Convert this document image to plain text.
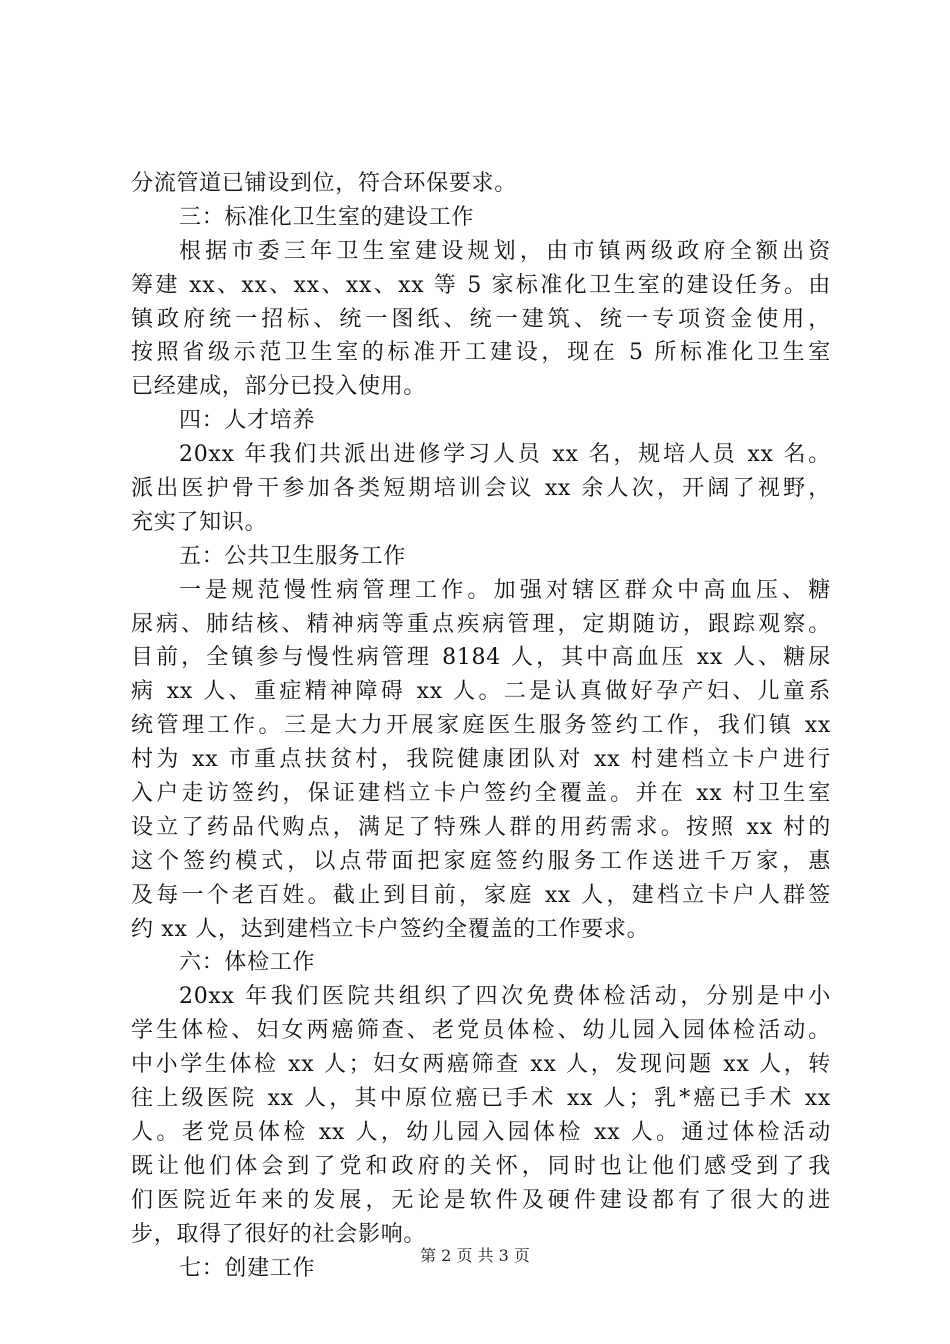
分流管道已铺设到位，符合环保要求。
三：标准化卫生室的建设工作
根据市委三年卫生室建设规划，由市镇两级政府全额出资
筹建 xx、xx、xx、xx、xx 等 5 家标准化卫生室的建设任务。由
镇政府统一招标、统一图纸、统一建筑、统一专项资金使用，
按照省级示范卫生室的标准开工建设，现在 5 所标准化卫生室
已经建成，部分已投入使用。
四：人才培养
20xx 年我们共派出进修学习人员 xx 名，规培人员 xx 名。
派出医护骨干参加各类短期培训会议 xx 余人次，开阔了视野，
充实了知识。
五：公共卫生服务工作
一是规范慢性病管理工作。加强对辖区群众中高血压、糖
尿病、肺结核、精神病等重点疾病管理，定期随访，跟踪观察。
目前，全镇参与慢性病管理 8184 人，其中高血压 xx 人、糖尿
病 xx 人、重症精神障碍 xx 人。二是认真做好孕产妇、儿童系
统管理工作。三是大力开展家庭医生服务签约工作，我们镇 xx
村为 xx 市重点扶贫村，我院健康团队对 xx 村建档立卡户进行
入户走访签约，保证建档立卡户签约全覆盖。并在 xx 村卫生室
设立了药品代购点，满足了特殊人群的用药需求。按照 xx 村的
这个签约模式，以点带面把家庭签约服务工作送进千万家，惠
及每一个老百姓。截止到目前，家庭 xx 人，建档立卡户人群签
约 xx 人，达到建档立卡户签约全覆盖的工作要求。
六：体检工作
20xx 年我们医院共组织了四次免费体检活动，分别是中小
学生体检、妇女两癌筛查、老党员体检、幼儿园入园体检活动。
中小学生体检 xx 人；妇女两癌筛查 xx 人，发现问题 xx 人，转
往上级医院 xx 人，其中原位癌已手术 xx 人；乳*癌已手术 xx
人。老党员体检 xx 人，幼儿园入园体检 xx 人。通过体检活动
既让他们体会到了党和政府的关怀，同时也让他们感受到了我
们医院近年来的发展，无论是软件及硬件建设都有了很大的进
步，取得了很好的社会影响。
七：创建工作	第 2 页 共 3 页
